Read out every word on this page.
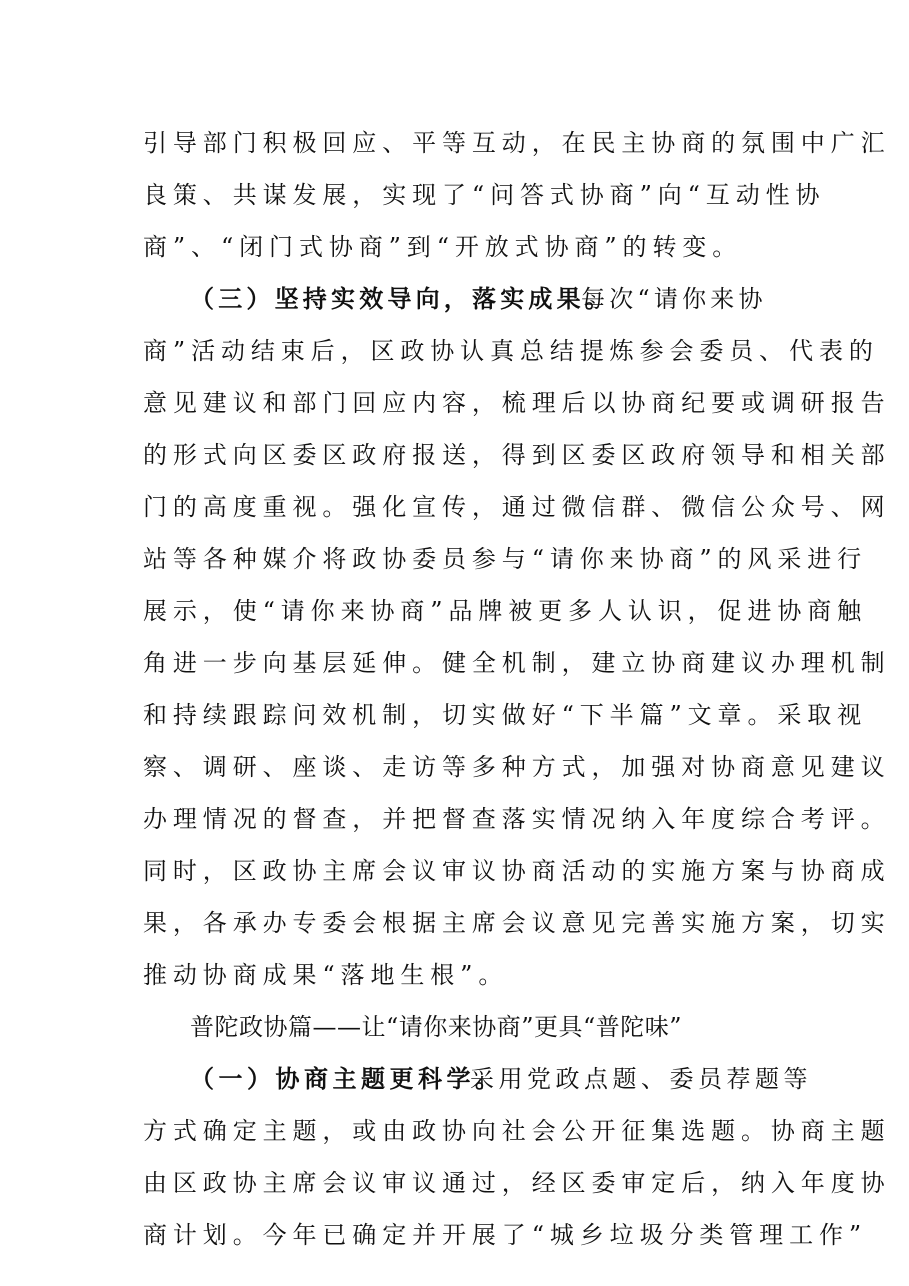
引导部门积极回应、平等互动，在民主协商的氛围中广汇
良策、共谋发展，实现了“问答式协商”向“互动性协
商”、“闭门式协商”到“开放式协商”的转变。
（三）坚持实效导向，落实成果。
每次“请你来协
商”活动结束后，区政协认真总结提炼参会委员、代表的
意见建议和部门回应内容，梳理后以协商纪要或调研报告
的形式向区委区政府报送，得到区委区政府领导和相关部
门的高度重视。强化宣传，通过微信群、微信公众号、网
站等各种媒介将政协委员参与“请你来协商”的风采进行
展示，使“请你来协商”品牌被更多人认识，促进协商触
角进一步向基层延伸。健全机制，建立协商建议办理机制
和持续跟踪问效机制，切实做好“下半篇”文章。采取视
察、调研、座谈、走访等多种方式，加强对协商意见建议
办理情况的督查，并把督查落实情况纳入年度综合考评。
同时，区政协主席会议审议协商活动的实施方案与协商成
果，各承办专委会根据主席会议意见完善实施方案，切实
推动协商成果“落地生根”。
普陀政协篇——让“请你来协商”更具“普陀味”
（一）协商主题更科学。
采用党政点题、委员荐题等
方式确定主题，或由政协向社会公开征集选题。协商主题
由区政协主席会议审议通过，经区委审定后，纳入年度协
商计划。今年已确定并开展了“城乡垃圾分类管理工作”
